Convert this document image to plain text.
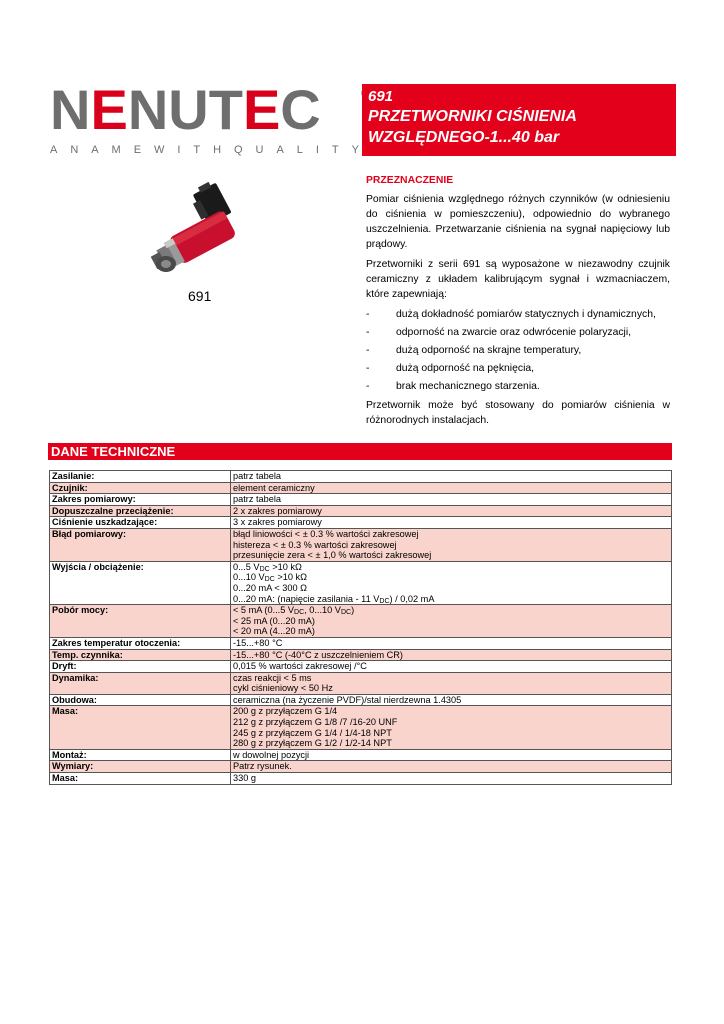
N E N U T E C
A N A M E W I T H Q U A L I T Y
691
PRZETWORNIKI CIŚNIENIA
WZGLĘDNEGO-1...40 bar
691
PRZEZNACZENIE

Pomiar ciśnienia względnego różnych czynników (w odniesieniu do ciśnienia w pomieszczeniu), odpowiednio do wybranego uszczelnienia. Przetwarzanie ciśnienia na sygnał napięciowy lub prądowy.

Przetworniki z serii 691 są wyposażone w niezawodny czujnik ceramiczny z układem kalibrującym sygnał i wzmacniaczem, które zapewniają:

-	dużą dokładność pomiarów statycznych i dynamicznych,
-	odporność na zwarcie oraz odwrócenie polaryzacji,
-	dużą odporność na skrajne temperatury,
-	dużą odporność na pęknięcia,
-	brak mechanicznego starzenia.

Przetwornik może być stosowany do pomiarów ciśnienia w różnorodnych instalacjach.

DANE TECHNICZNE
Zasilanie:	patrz tabela

Czujnik:	element ceramiczny

Zakres pomiarowy:	patrz tabela

Dopuszczalne przeciążenie:	2 x zakres pomiarowy

Ciśnienie uszkadzające:	3 x zakres pomiarowy

Błąd pomiarowy:	błąd liniowości < ± 0.3 % wartości zakresowej
histereza < ± 0.3 % wartości zakresowej
przesunięcie zera < ± 1,0 % wartości zakresowej

Wyjścia / obciążenie:	0...5 $V_{DC} >10$ kΩ
0...10 $V_{DC} >10$ kΩ
0...20 mA < 300 Ω
0...20 mA: (napięcie zasilania - 11 $V_{DC}) / 0,02$ mA

Pobór mocy:	< 5 mA (0...5 $V_{DC}$, 0...10 $V_{DC}$)
< 25 mA (0...20 mA)
< 20 mA (4...20 mA)

Zakres temperatur otoczenia:	-15...+80 °C

Temp. czynnika:	-15...+80 °C (-40°C z uszczelnieniem CR)

Dryft:	0,015 % wartości zakresowej /°C

Dynamika:	czas reakcji < 5 ms
cykl ciśnieniowy < 50 Hz

Obudowa:	ceramiczna (na życzenie PVDF)/stal nierdzewna 1.4305

Masa:	200 g z przyłączem G 1/4
212 g z przyłączem G 1/8 /7 /16-20 UNF
245 g z przyłączem G 1/4 / 1/4-18 NPT
280 g z przyłączem G 1/2 / 1/2-14 NPT

Montaż:	w dowolnej pozycji

Wymiary:	Patrz rysunek.

Masa:	330 g
